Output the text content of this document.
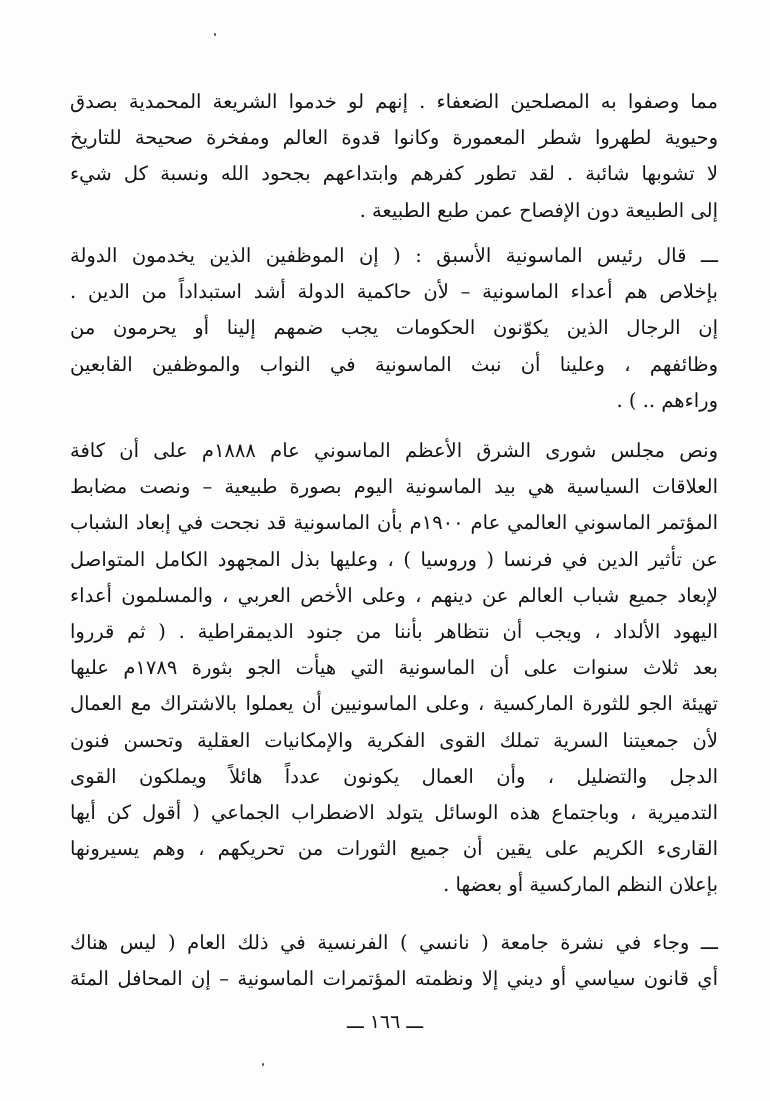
مما وصفوا به المصلحين الضعفاء . إنهم لو خدموا الشريعة المحمدية بصدق
وحيوية لطهروا شطر المعمورة وكانوا قدوة العالم ومفخرة صحيحة للتاريخ
لا تشوبها شائبة . لقد تطور كفرهم وابتداعهم بجحود الله ونسبة كل شيء
إلى الطبيعة دون الإفصاح عمن طبع الطبيعة .
ـــ قال رئيس الماسونية الأسبق : ( إن الموظفين الذين يخدمون الدولة
بإخلاص هم أعداء الماسونية – لأن حاكمية الدولة أشد استبداداً من الدين .
إن الرجال الذين يكوّنون الحكومات يجب ضمهم إلينا أو يحرمون من
وظائفهم ، وعلينا أن نبث الماسونية في النواب والموظفين القابعين
وراءهم .. ) .
ونص مجلس شورى الشرق الأعظم الماسوني عام ١٨٨٨م على أن كافة
العلاقات السياسية هي بيد الماسونية اليوم بصورة طبيعية – ونصت مضابط
المؤتمر الماسوني العالمي عام ١٩٠٠م بأن الماسونية قد نجحت في إبعاد الشباب
عن تأثير الدين في فرنسا ( وروسيا ) ، وعليها بذل المجهود الكامل المتواصل
لإبعاد جميع شباب العالم عن دينهم ، وعلى الأخص العربي ، والمسلمون أعداء
اليهود الألداد ، ويجب أن نتظاهر بأننا من جنود الديمقراطية . ( ثم قرروا
بعد ثلاث سنوات على أن الماسونية التي هيأت الجو بثورة ١٧٨٩م عليها
تهيئة الجو للثورة الماركسية ، وعلى الماسونيين أن يعملوا بالاشتراك مع العمال
لأن جمعيتنا السرية تملك القوى الفكرية والإمكانيات العقلية وتحسن فنون
الدجل والتضليل ، وأن العمال يكونون عدداً هائلاً ويملكون القوى
التدميرية ، وباجتماع هذه الوسائل يتولد الاضطراب الجماعي ( أقول كن أيها
القارىء الكريم على يقين أن جميع الثورات من تحريكهم ، وهم يسيرونها
بإعلان النظم الماركسية أو بعضها .
ـــ وجاء في نشرة جامعة ( نانسي ) الفرنسية في ذلك العام ( ليس هناك
أي قانون سياسي أو ديني إلا ونظمته المؤتمرات الماسونية – إن المحافل المئة
ـــ ١٦٦ ـــ
